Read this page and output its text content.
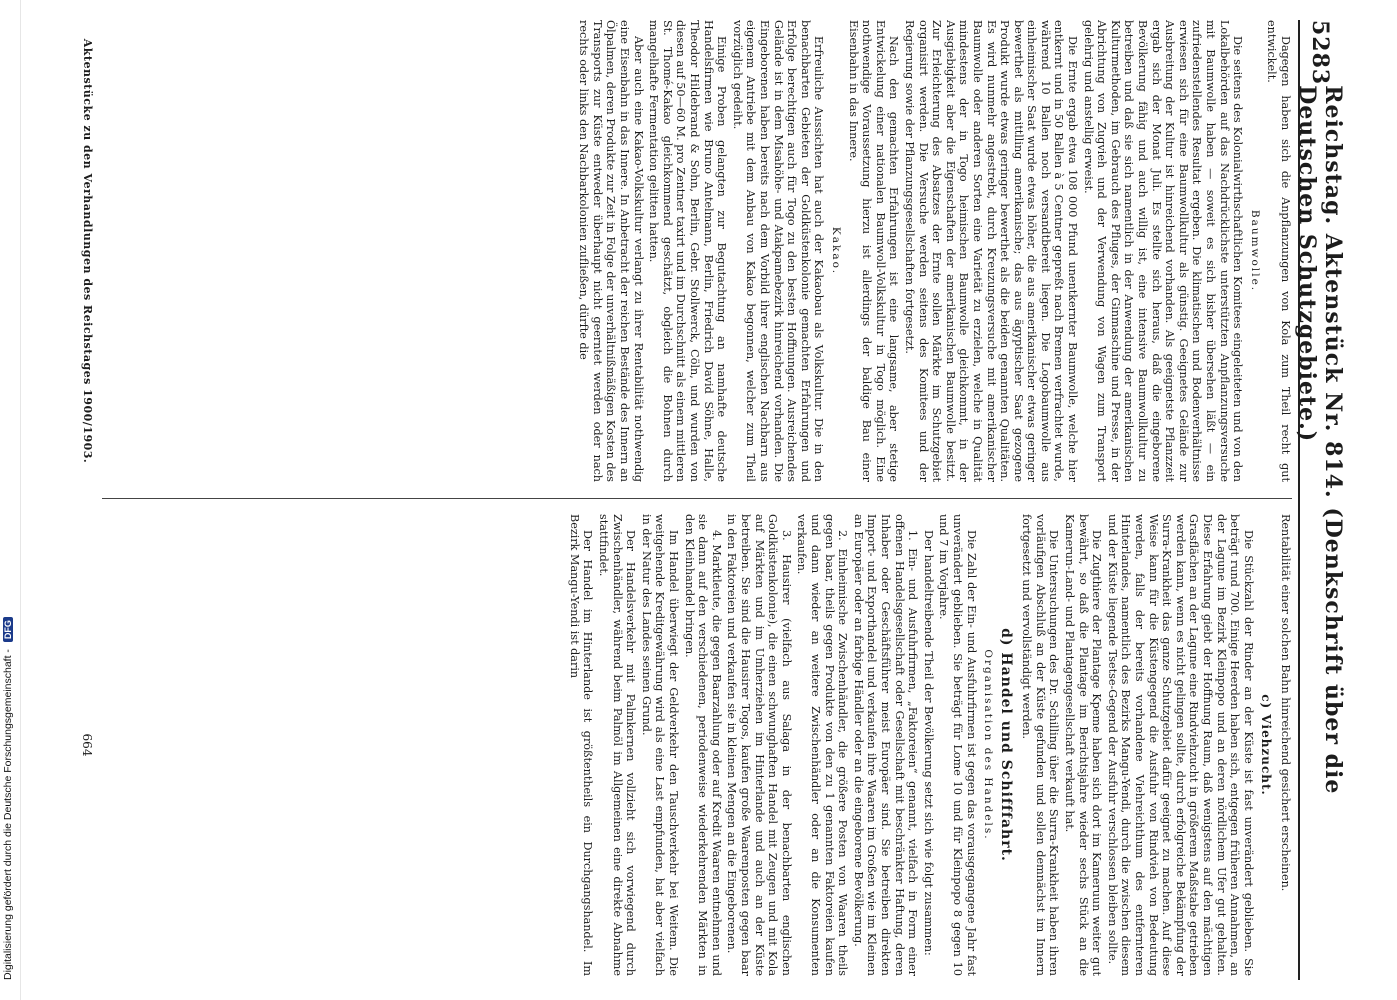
Digitalisierung gefördert durch die Deutsche Forschungsgemeinschaft - DFG
5283
Reichstag. Aktenstück Nr. 814. (Denkschrift über die Deutschen Schutzgebiete.)

Dagegen haben sich die Anpflanzungen von Kola zum Theil recht gut entwickelt.

Baumwolle.

Die seitens des Kolonialwirthschaftlichen Komitees eingeleiteten und von den Lokalbehörden auf das Nachdrücklichste unterstützten Anpflanzungsversuche mit Baumwolle haben — soweit es sich bisher übersehen läßt — ein zufriedenstellendes Resultat ergeben. Die klimatischen und Bodenverhältnisse erwiesen sich für eine Baumwollkultur als günstig. Geeignetes Gelände zur Ausbreitung der Kultur ist hinreichend vorhanden. Als geeignetste Pflanzzeit ergab sich der Monat Juli. Es stellte sich heraus, daß die eingeborene Bevölkerung fähig und auch willig ist, eine intensive Baumwollkultur zu betreiben und daß sie sich namentlich in der Anwendung der amerikanischen Kulturmethoden, im Gebrauch des Pfluges, der Ginmaschine und Presse, in der Abrichtung von Zugvieh und der Verwendung von Wagen zum Transport gelehrig und anstellig erweist.

Die Ernte ergab etwa 108 000 Pfund unentkernter Baumwolle, welche hier entkernt und in 50 Ballen à 5 Centner gepreßt nach Bremen verfrachtet wurde, während 10 Ballen noch versandtbereit liegen. Die Logobaumwolle aus einheimischer Saat wurde etwas höher, die aus amerikanischer etwas geringer bewerthet als mittlling amerikanische; das aus ägyptischer Saat gezogene Produkt wurde etwas geringer bewerthet als die beiden genannten Qualitäten. Es wird nunmehr angestrebt, durch Kreuzungsversuche mit amerikanischer Baumwolle oder anderen Sorten eine Varietät zu erzielen, welche in Qualität mindestens der in Togo heimischen Baumwolle gleichkommt, in der Ausgiebigkeit aber die Eigenschaften der amerikanischen Baumwolle besitzt. Zur Erleichterung des Absatzes der Ernte sollen Märkte im Schutzgebiet organisirt werden. Die Versuche werden seitens des Komitees und der Regierung sowie der Pflanzungsgesellschaften fortgesetzt.

Nach den gemachten Erfahrungen ist eine langsame, aber stetige Entwickelung einer nationalen Baumwoll-Volkskultur in Togo möglich. Eine nothwendige Voraussetzung hierzu ist allerdings der baldige Bau einer Eisenbahn in das Innere.

Kakao.

Erfreuliche Aussichten hat auch der Kakaobau als Volkskultur. Die in den benachbarten Gebieten der Goldküstenkolonie gemachten Erfahrungen und Erfolge berechtigen auch für Togo zu den besten Hoffnungen. Ausreichendes Gelände ist in dem Misahöhe- und Atakpamebezirk hinreichend vorhanden. Die Eingeborenen haben bereits nach dem Vorbild ihrer englischen Nachbarn aus eigenem Antriebe mit dem Anbau von Kakao begonnen, welcher zum Theil vorzüglich gedeiht.

Einige Proben gelangten zur Begutachtung an namhafte deutsche Handelsfirmen wie Bruno Antelmann, Berlin, Friedrich David Söhne, Halle, Theodor Hildebrand & Sohn, Berlin, Gebr. Stollwerck, Cöln, und wurden von diesen auf 50—60 M. pro Zentner taxirt und im Durchschnitt als einem mittleren St. Thomé-Kakao gleichkommend geschätzt, obgleich die Bohnen durch mangelhafte Fermentation gelitten hatten.

Aber auch eine Kakao-Volkskultur verlangt zu ihrer Rentabilität nothwendig eine Eisenbahn in das Innere. In Anbetracht der reichen Bestände des Innern an Ölpalmen, deren Produkte zur Zeit in Folge der unverhältnißmäßigen Kosten des Transports zur Küste entweder überhaupt nicht geerntet werden oder nach rechts oder links den Nachbarkolonien zufließen, dürfte die

Rentabilität einer solchen Bahn hinreichend gesichert erscheinen.

c) Viehzucht.

Die Stückzahl der Rinder an der Küste ist fast unverändert geblieben. Sie beträgt rund 700. Einige Heerden haben sich, entgegen früheren Annahmen, an der Lagune im Bezirk Kleinpopo und an deren nördlichem Ufer gut gehalten. Diese Erfahrung giebt der Hoffnung Raum, daß wenigstens auf den mächtigen Grasflächen an der Lagune eine Rindviehzucht in größerem Maßstabe getrieben werden kann, wenn es nicht gelingen sollte, durch erfolgreiche Bekämpfung der Surra-Krankheit das ganze Schutzgebiet dafür geeignet zu machen. Auf diese Weise kann für die Küstengegend die Ausfuhr von Rindvieh von Bedeutung werden, falls der bereits vorhandene Viehreichthum des entfernteren Hinterlandes, namentlich des Bezirks Mangu-Yendi, durch die zwischen diesem und der Küste liegende Tsetse-Gegend der Ausfuhr verschlossen bleiben sollte.

Die Zugthiere der Plantage Kpeme haben sich dort im Kameruun weiter gut bewährt, so daß die Plantage im Berichtsjahre wieder sechs Stück an die Kamerun-Land- und Plantagengesellschaft verkauft hat.

Die Untersuchungen des Dr. Schilling über die Surra-Krankheit haben ihren vorläufigen Abschluß an der Küste gefunden und sollen demnächst im Innern fortgesetzt und vervollständigt werden.

d) Handel und Schifffahrt.
Organisation des Handels.

Die Zahl der Ein- und Ausfuhrfirmen ist gegen das vorausgegangene Jahr fast unverändert geblieben. Sie beträgt für Lome 10 und für Kleinpopo 8 gegen 10 und 7 im Vorjahre.

Der handeltreibende Theil der Bevölkerung setzt sich wie folgt zusammen:

1. Ein- und Ausfuhrfirmen, „Faktoreien“ genannt, vielfach in Form einer offenen Handelsgesellschaft oder Gesellschaft mit beschränkter Haftung, deren Inhaber oder Geschäftsführer meist Europäer sind. Sie betreiben direkten Import- und Exporthandel und verkaufen ihre Waaren im Großen wie im Kleinen an Europäer oder an farbige Händler oder an die eingeborene Bevölkerung.

2. Einheimische Zwischenhändler, die größere Posten von Waaren theils gegen baar, theils gegen Produkte von den zu 1 genannten Faktoreien kaufen und dann wieder an weitere Zwischenhändler oder an die Konsumenten verkaufen.

3. Hausirer (vielfach aus Salaga in der benachbarten englischen Goldküstenkolonie), die einen schwunghaften Handel mit Zeugen und mit Kola auf Märkten und im Umherziehen im Hinterlande und auch an der Küste betreiben. Sie sind die Hausirer Togos, kaufen große Waarenposten gegen baar in den Faktoreien und verkaufen sie in kleinen Mengen an die Eingeborenen.

4. Marktleute, die gegen Baarzahlung oder auf Kredit Waaren entnehmen und sie dann auf den verschiedenen, periodenweise wiederkehrenden Märkten in den Kleinhandel bringen.

Im Handel überwiegt der Geldverkehr den Tauschverkehr bei Weitem. Die weitgehende Kreditgewährung wird als eine Last empfunden, hat aber vielfach in der Natur des Landes seinen Grund.

Der Handelsverkehr mit Palmkernen vollzieht sich vorwiegend durch Zwischenhändler, während beim Palmöl im Allgemeinen eine direkte Abnahme stattfindet.

Der Handel im Hinterlande ist größtentheils ein Durchgangshandel. Im Bezirk Mangu-Yendi ist darin

Aktenstücke zu den Verhandlungen des Reichstages 1900/1903.
664
